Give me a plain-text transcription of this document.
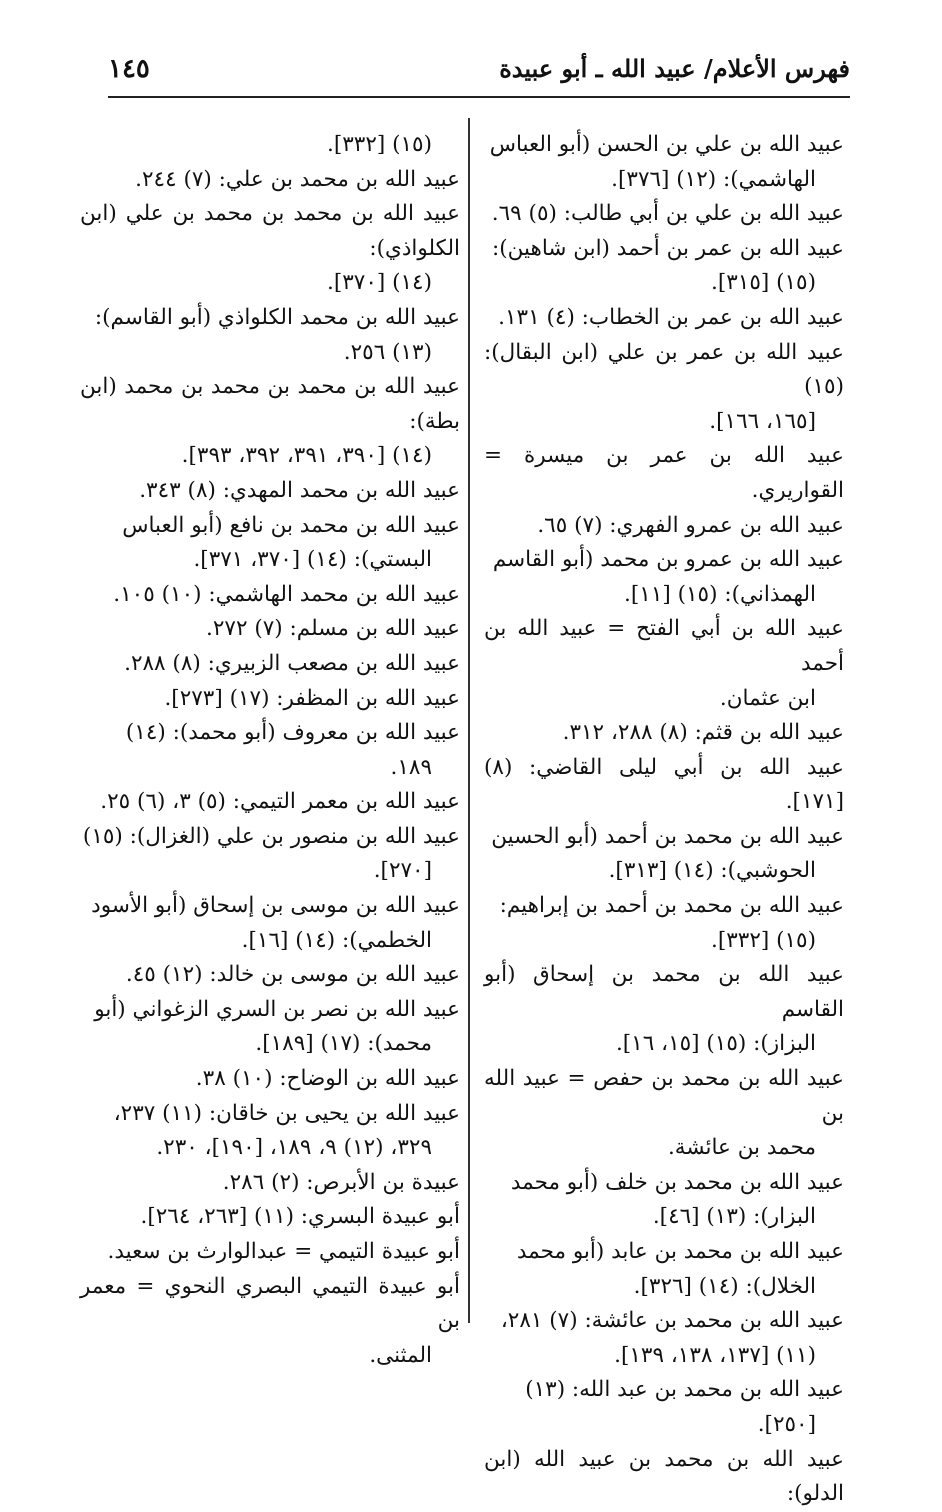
فهرس الأعلام/ عبيد الله ـ أبو عبيدة
١٤٥
عبيد الله بن علي بن الحسن (أبو العباس
الهاشمي): (١٢) [٣٧٦].
عبيد الله بن علي بن أبي طالب: (٥) ٦٩.
عبيد الله بن عمر بن أحمد (ابن شاهين):
(١٥) [٣١٥].
عبيد الله بن عمر بن الخطاب: (٤) ١٣١.
عبيد الله بن عمر بن علي (ابن البقال): (١٥)
[١٦٥، ١٦٦].
عبيد الله بن عمر بن ميسرة = القواريري.
عبيد الله بن عمرو الفهري: (٧) ٦٥.
عبيد الله بن عمرو بن محمد (أبو القاسم
الهمذاني): (١٥) [١١].
عبيد الله بن أبي الفتح = عبيد الله بن أحمد
ابن عثمان.
عبيد الله بن قثم: (٨) ٢٨٨، ٣١٢.
عبيد الله بن أبي ليلى القاضي: (٨) [١٧١].
عبيد الله بن محمد بن أحمد (أبو الحسين
الحوشبي): (١٤) [٣١٣].
عبيد الله بن محمد بن أحمد بن إبراهيم:
(١٥) [٣٣٢].
عبيد الله بن محمد بن إسحاق (أبو القاسم
البزاز): (١٥) [١٥، ١٦].
عبيد الله بن محمد بن حفص = عبيد الله بن
محمد بن عائشة.
عبيد الله بن محمد بن خلف (أبو محمد
البزار): (١٣) [٤٦].
عبيد الله بن محمد بن عابد (أبو محمد
الخلال): (١٤) [٣٢٦].
عبيد الله بن محمد بن عائشة: (٧) ٢٨١،
(١١) [١٣٧، ١٣٨، ١٣٩].
عبيد الله بن محمد بن عبد الله: (١٣)
[٢٥٠].
عبيد الله بن محمد بن عبيد الله (ابن الدلو):
(١٥) [٣٣٢].
عبيد الله بن محمد بن علي: (٧) ٢٤٤.
عبيد الله بن محمد بن محمد بن علي (ابن الكلواذي):
(١٤) [٣٧٠].
عبيد الله بن محمد الكلواذي (أبو القاسم):
(١٣) ٢٥٦.
عبيد الله بن محمد بن محمد بن محمد (ابن بطة):
(١٤) [٣٩٠، ٣٩١، ٣٩٢، ٣٩٣].
عبيد الله بن محمد المهدي: (٨) ٣٤٣.
عبيد الله بن محمد بن نافع (أبو العباس
البستي): (١٤) [٣٧٠، ٣٧١].
عبيد الله بن محمد الهاشمي: (١٠) ١٠٥.
عبيد الله بن مسلم: (٧) ٢٧٢.
عبيد الله بن مصعب الزبيري: (٨) ٢٨٨.
عبيد الله بن المظفر: (١٧) [٢٧٣].
عبيد الله بن معروف (أبو محمد): (١٤)
١٨٩.
عبيد الله بن معمر التيمي: (٥) ٣، (٦) ٢٥.
عبيد الله بن منصور بن علي (الغزال): (١٥)
[٢٧٠].
عبيد الله بن موسى بن إسحاق (أبو الأسود
الخطمي): (١٤) [١٦].
عبيد الله بن موسى بن خالد: (١٢) ٤٥.
عبيد الله بن نصر بن السري الزغواني (أبو
محمد): (١٧) [١٨٩].
عبيد الله بن الوضاح: (١٠) ٣٨.
عبيد الله بن يحيى بن خاقان: (١١) ٢٣٧،
٣٢٩، (١٢) ٩، ١٨٩، [١٩٠]، ٢٣٠.
عبيدة بن الأبرص: (٢) ٢٨٦.
أبو عبيدة البسري: (١١) [٢٦٣، ٢٦٤].
أبو عبيدة التيمي = عبدالوارث بن سعيد.
أبو عبيدة التيمي البصري النحوي = معمر بن
المثنى.
